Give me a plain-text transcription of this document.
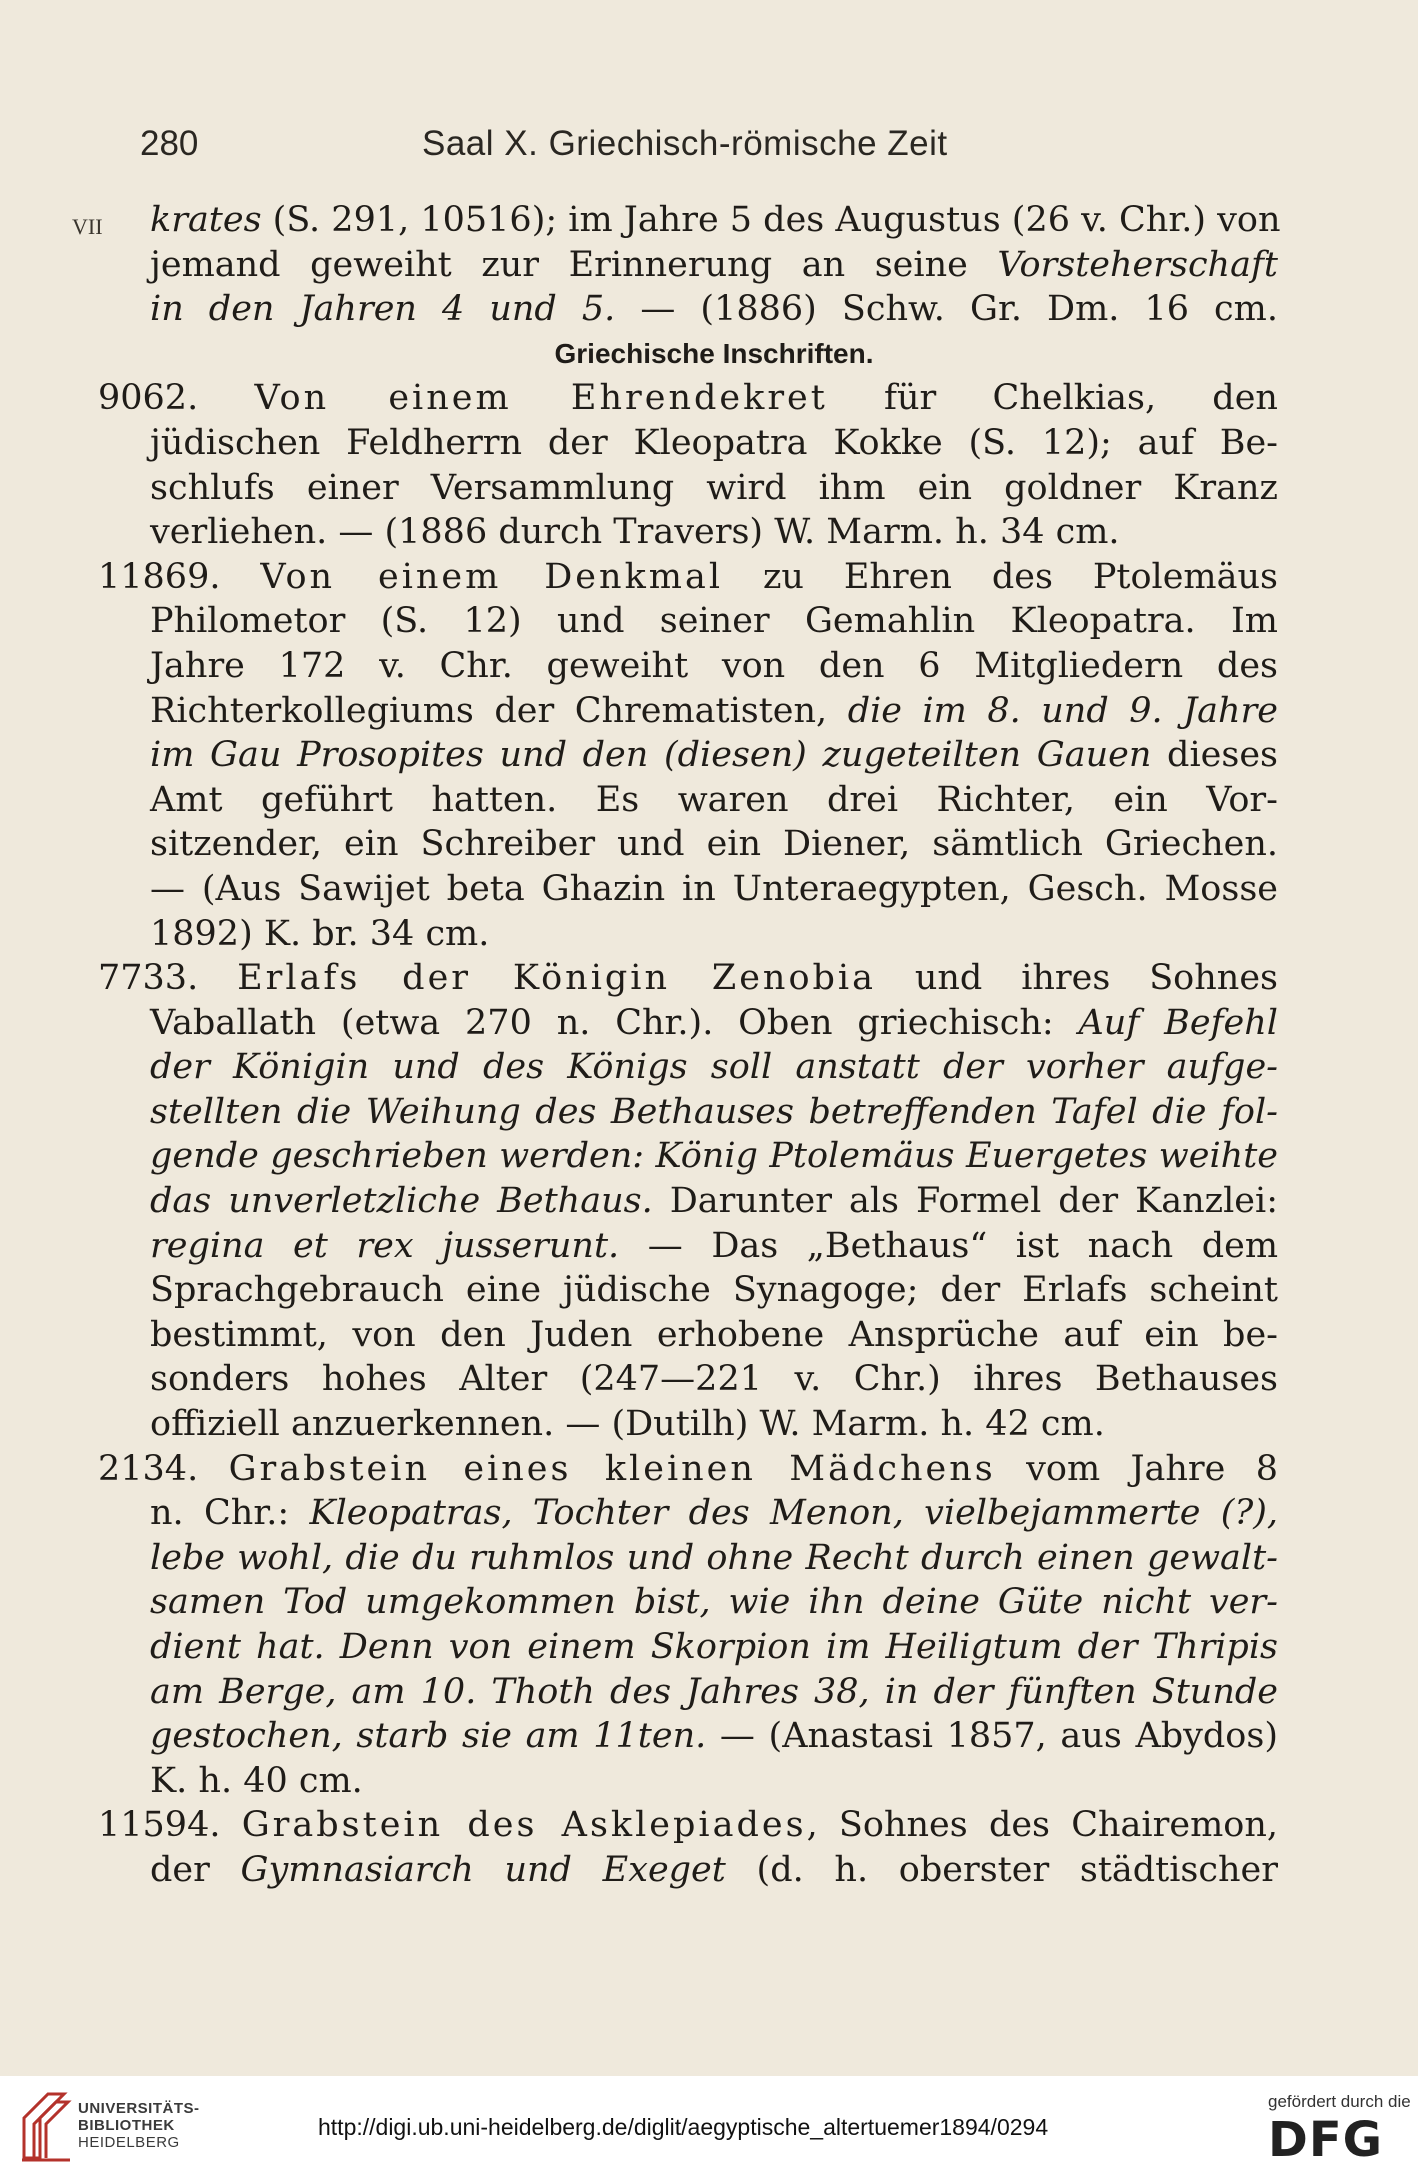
280	Saal X. Griechisch-römische Zeit
VII krates (S. 291, 10516); im Jahre 5 des Augustus (26 v. Chr.) von
jemand geweiht zur Erinnerung an seine Vorsteherschaft
in den Jahren 4 und 5. — (1886) Schw. Gr. Dm. 16 cm.
Griechische Inschriften.
9062. Von einem Ehrendekret für Chelkias, den
jüdischen Feldherrn der Kleopatra Kokke (S. 12); auf Be-
schlufs einer Versammlung wird ihm ein goldner Kranz
verliehen. — (1886 durch Travers) W. Marm. h. 34 cm.
11869. Von einem Denkmal zu Ehren des Ptolemäus
Philometor (S. 12) und seiner Gemahlin Kleopatra. Im
Jahre 172 v. Chr. geweiht von den 6 Mitgliedern des
Richterkollegiums der Chrematisten, die im 8. und 9. Jahre
im Gau Prosopites und den (diesen) zugeteilten Gauen dieses
Amt geführt hatten. Es waren drei Richter, ein Vor-
sitzender, ein Schreiber und ein Diener, sämtlich Griechen.
— (Aus Sawijet beta Ghazin in Unteraegypten, Gesch. Mosse
1892) K. br. 34 cm.
7733. Erlafs der Königin Zenobia und ihres Sohnes
Vaballath (etwa 270 n. Chr.). Oben griechisch: Auf Befehl
der Königin und des Königs soll anstatt der vorher aufge-
stellten die Weihung des Bethauses betreffenden Tafel die fol-
gende geschrieben werden: König Ptolemäus Euergetes weihte
das unverletzliche Bethaus. Darunter als Formel der Kanzlei:
regina et rex jusserunt. — Das „Bethaus“ ist nach dem
Sprachgebrauch eine jüdische Synagoge; der Erlafs scheint
bestimmt, von den Juden erhobene Ansprüche auf ein be-
sonders hohes Alter (247—221 v. Chr.) ihres Bethauses
offiziell anzuerkennen. — (Dutilh) W. Marm. h. 42 cm.
2134. Grabstein eines kleinen Mädchens vom Jahre 8
n. Chr.: Kleopatras, Tochter des Menon, vielbejammerte (?),
lebe wohl, die du ruhmlos und ohne Recht durch einen gewalt-
samen Tod umgekommen bist, wie ihn deine Güte nicht ver-
dient hat. Denn von einem Skorpion im Heiligtum der Thripis
am Berge, am 10. Thoth des Jahres 38, in der fünften Stunde
gestochen, starb sie am 11ten. — (Anastasi 1857, aus Abydos)
K. h. 40 cm.
11594. Grabstein des Asklepiades, Sohnes des Chairemon,
der Gymnasiarch und Exeget (d. h. oberster städtischer
UNIVERSITÄTS-
BIBLIOTHEK
HEIDELBERG
http://digi.ub.uni-heidelberg.de/diglit/aegyptische_altertuemer1894/0294
gefördert durch die
DFG
